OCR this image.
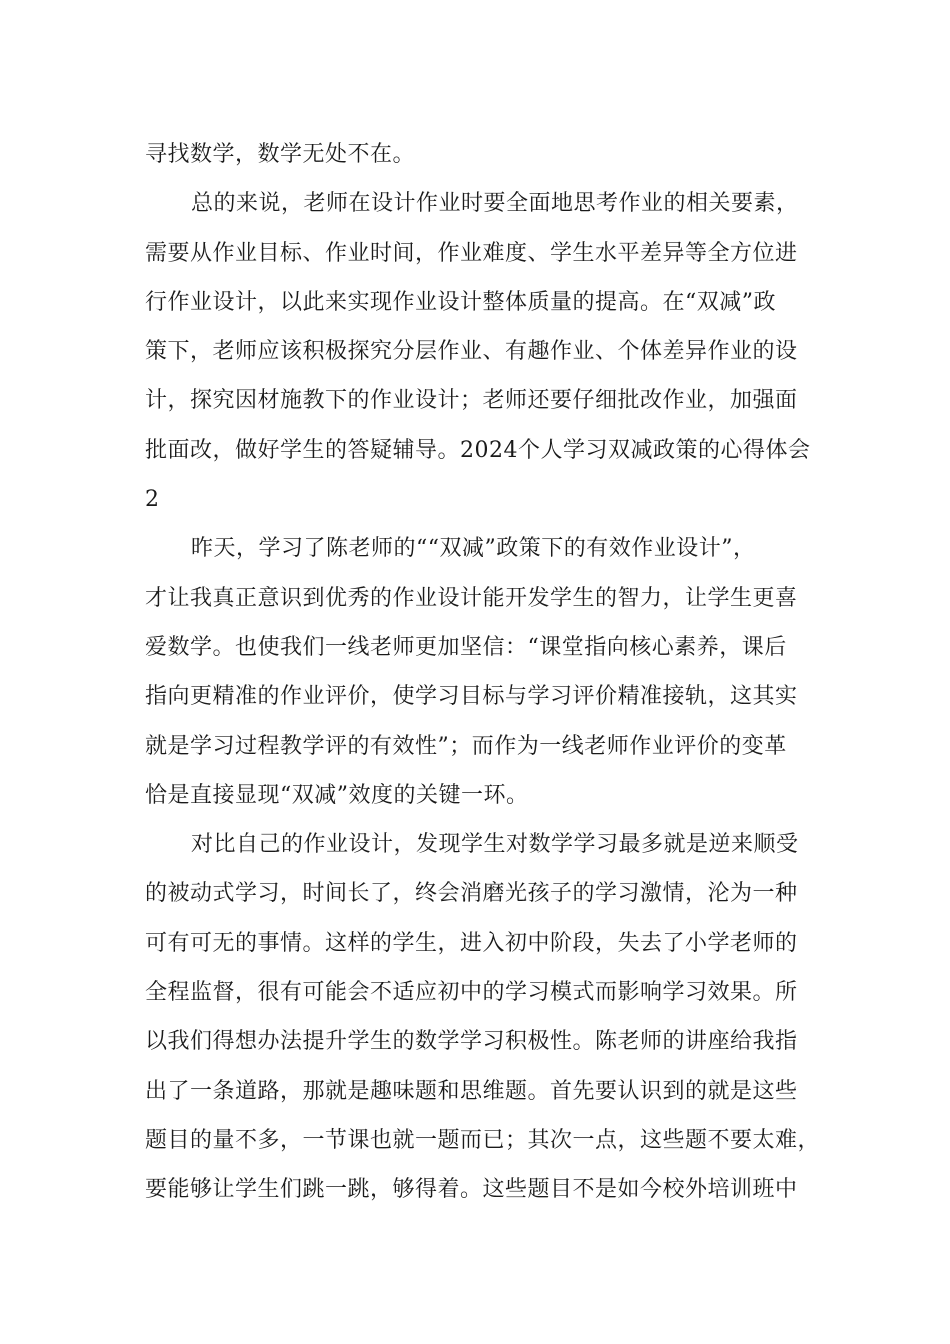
寻找数学，数学无处不在。
总的来说，老师在设计作业时要全面地思考作业的相关要素，
需要从作业目标、作业时间，作业难度、学生水平差异等全方位进
行作业设计，以此来实现作业设计整体质量的提高。在“双减”政
策下，老师应该积极探究分层作业、有趣作业、个体差异作业的设
计，探究因材施教下的作业设计；老师还要仔细批改作业，加强面
批面改，做好学生的答疑辅导。2024个人学习双减政策的心得体会
2
昨天，学习了陈老师的““双减”政策下的有效作业设计”，
才让我真正意识到优秀的作业设计能开发学生的智力，让学生更喜
爱数学。也使我们一线老师更加坚信：“课堂指向核心素养，课后
指向更精准的作业评价，使学习目标与学习评价精准接轨，这其实
就是学习过程教学评的有效性”；而作为一线老师作业评价的变革
恰是直接显现“双减”效度的关键一环。
对比自己的作业设计，发现学生对数学学习最多就是逆来顺受
的被动式学习，时间长了，终会消磨光孩子的学习激情，沦为一种
可有可无的事情。这样的学生，进入初中阶段，失去了小学老师的
全程监督，很有可能会不适应初中的学习模式而影响学习效果。所
以我们得想办法提升学生的数学学习积极性。陈老师的讲座给我指
出了一条道路，那就是趣味题和思维题。首先要认识到的就是这些
题目的量不多，一节课也就一题而已；其次一点，这些题不要太难，
要能够让学生们跳一跳，够得着。这些题目不是如今校外培训班中
